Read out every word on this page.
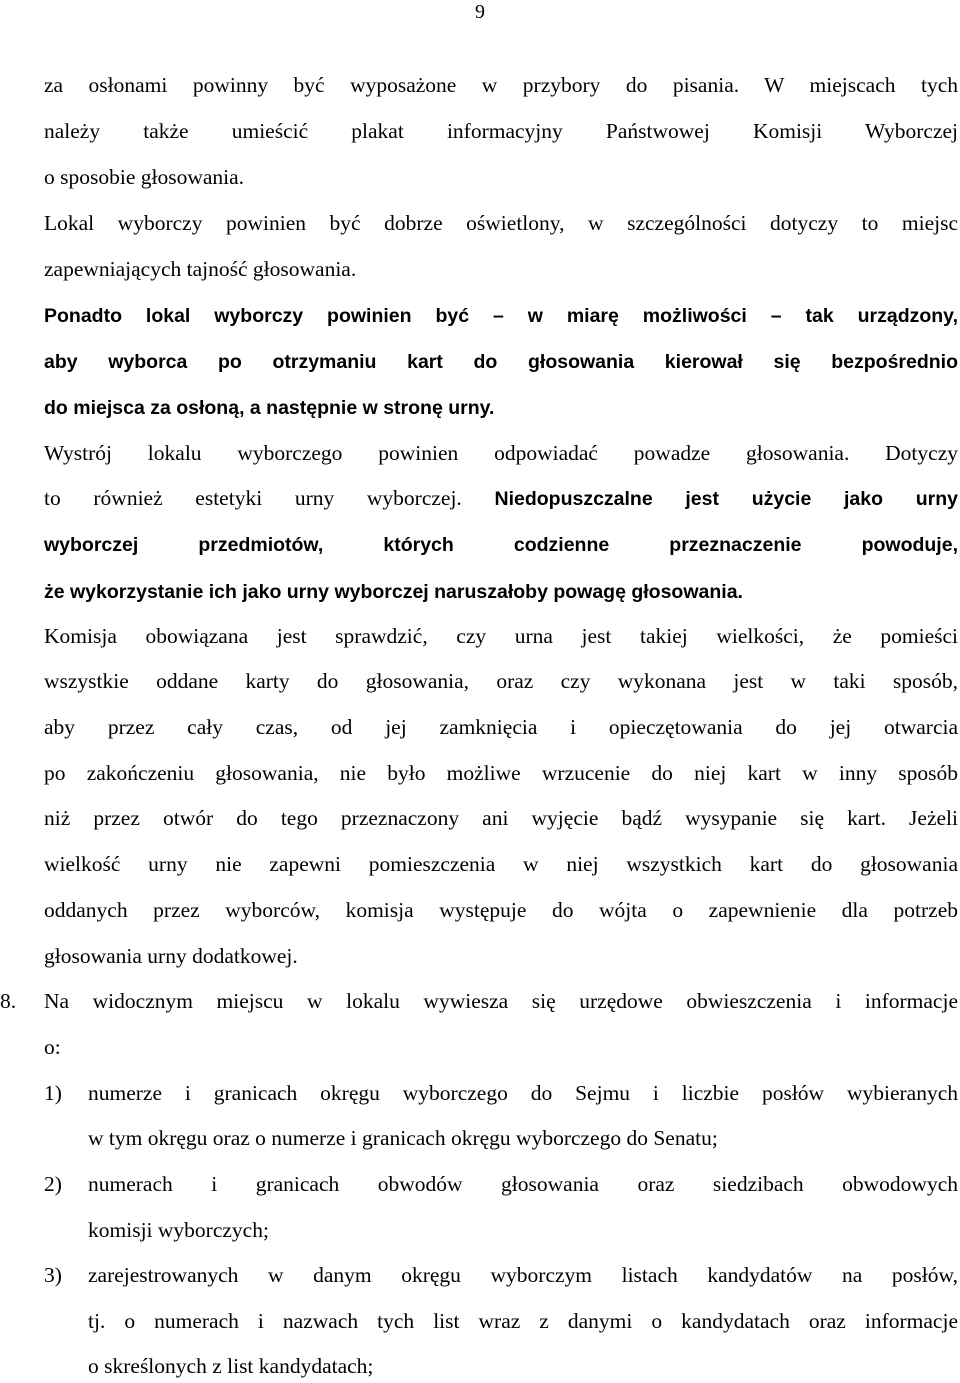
9
za osłonami powinny być wyposażone w przybory do pisania. W miejscach tych
należy także umieścić plakat informacyjny Państwowej Komisji Wyborczej
o sposobie głosowania.
Lokal wyborczy powinien być dobrze oświetlony, w szczególności dotyczy to miejsc
zapewniających tajność głosowania.
Ponadto lokal wyborczy powinien być – w miarę możliwości – tak urządzony,
aby wyborca po otrzymaniu kart do głosowania kierował się bezpośrednio
do miejsca za osłoną, a następnie w stronę urny.
Wystrój lokalu wyborczego powinien odpowiadać powadze głosowania. Dotyczy
to również estetyki urny wyborczej. Niedopuszczalne jest użycie jako urny
wyborczej przedmiotów, których codzienne przeznaczenie powoduje,
że wykorzystanie ich jako urny wyborczej naruszałoby powagę głosowania.
Komisja obowiązana jest sprawdzić, czy urna jest takiej wielkości, że pomieści
wszystkie oddane karty do głosowania, oraz czy wykonana jest w taki sposób,
aby przez cały czas, od jej zamknięcia i opieczętowania do jej otwarcia
po zakończeniu głosowania, nie było możliwe wrzucenie do niej kart w inny sposób
niż przez otwór do tego przeznaczony ani wyjęcie bądź wysypanie się kart. Jeżeli
wielkość urny nie zapewni pomieszczenia w niej wszystkich kart do głosowania
oddanych przez wyborców, komisja występuje do wójta o zapewnienie dla potrzeb
głosowania urny dodatkowej.
8. Na widocznym miejscu w lokalu wywiesza się urzędowe obwieszczenia i informacje
o:
1) numerze i granicach okręgu wyborczego do Sejmu i liczbie posłów wybieranych
w tym okręgu oraz o numerze i granicach okręgu wyborczego do Senatu;
2) numerach i granicach obwodów głosowania oraz siedzibach obwodowych
komisji wyborczych;
3) zarejestrowanych w danym okręgu wyborczym listach kandydatów na posłów,
tj. o numerach i nazwach tych list wraz z danymi o kandydatach oraz informacje
o skreślonych z list kandydatach;
